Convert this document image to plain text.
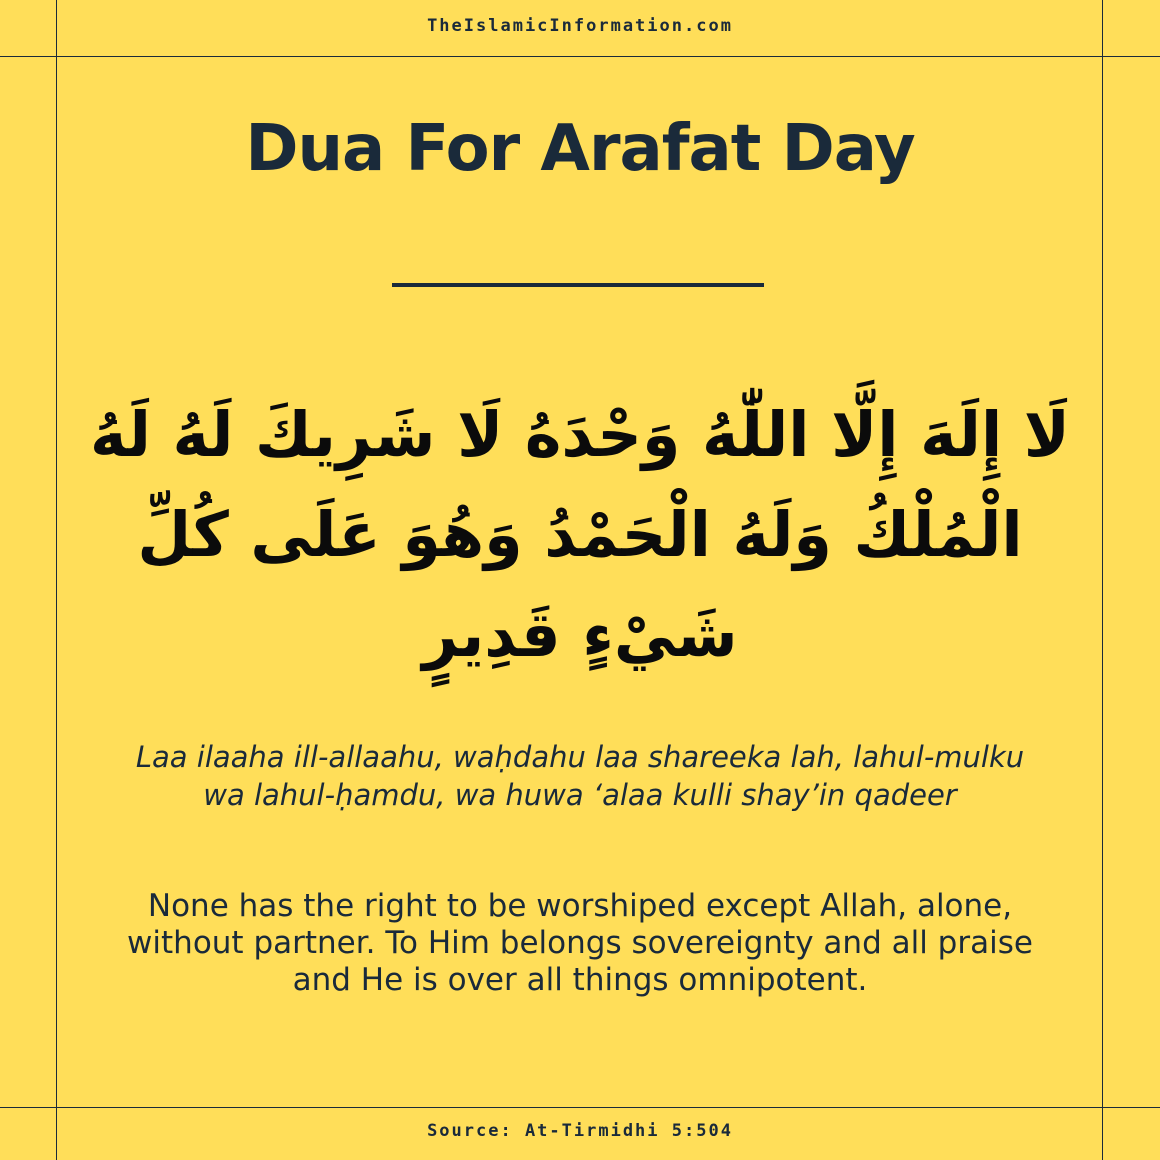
TheIslamicInformation.com
Dua For Arafat Day
لَا إِلَهَ إِلَّا اللّٰهُ وَحْدَهُ لَا شَرِيكَ لَهُ لَهُ الْمُلْكُ وَلَهُ الْحَمْدُ وَهُوَ عَلَى كُلِّ شَيْءٍ قَدِيرٍ
Laa ilaaha ill-allaahu, waḥdahu laa shareeka lah, lahul-mulku wa lahul-ḥamdu, wa huwa ‘alaa kulli shay’in qadeer
None has the right to be worshiped except Allah, alone, without partner. To Him belongs sovereignty and all praise and He is over all things omnipotent.
Source: At-Tirmidhi 5:504
